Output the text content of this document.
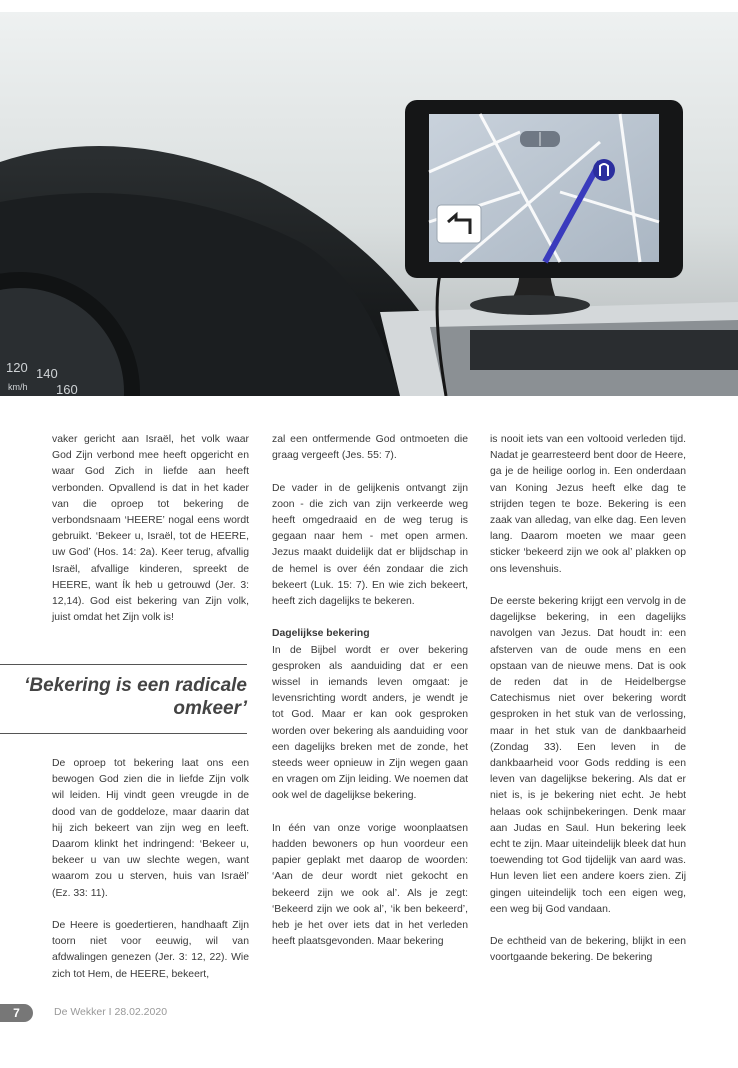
120 140
160
km/h

vaker gericht aan Israël, het volk waar God Zijn verbond mee heeft opgericht en waar God Zich in liefde aan heeft verbonden. Opvallend is dat in het kader van die oproep tot bekering de verbondsnaam ‘HEERE’ nogal eens wordt gebruikt. ‘Bekeer u, Israël, tot de HEERE, uw God’ (Hos. 14: 2a). Keer terug, afvallig Israël, afvallige kinderen, spreekt de HEERE, want Ík heb u getrouwd (Jer. 3: 12,14). God eist bekering van Zijn volk, juist omdat het Zijn volk is!

‘Bekering is een radicale omkeer’

De oproep tot bekering laat ons een bewogen God zien die in liefde Zijn volk wil leiden. Hij vindt geen vreugde in de dood van de goddeloze, maar daarin dat hij zich bekeert van zijn weg en leeft. Daarom klinkt het indringend: ‘Bekeer u, bekeer u van uw slechte wegen, want waarom zou u sterven, huis van Israël’ (Ez. 33: 11).

De Heere is goedertieren, handhaaft Zijn toorn niet voor eeuwig, wil van afdwalingen genezen (Jer. 3: 12, 22). Wie zich tot Hem, de HEERE, bekeert,

zal een ontfermende God ontmoeten die graag vergeeft (Jes. 55: 7).

De vader in de gelijkenis ontvangt zijn zoon - die zich van zijn verkeerde weg heeft omgedraaid en de weg terug is gegaan naar hem - met open armen. Jezus maakt duidelijk dat er blijdschap in de hemel is over één zondaar die zich bekeert (Luk. 15: 7). En wie zich bekeert, heeft zich dagelijks te bekeren.

Dagelijkse bekering

In de Bijbel wordt er over bekering gesproken als aanduiding dat er een wissel in iemands leven omgaat: je levensrichting wordt anders, je wendt je tot God. Maar er kan ook gesproken worden over bekering als aanduiding voor een dagelijks breken met de zonde, het steeds weer opnieuw in Zijn wegen gaan en vragen om Zijn leiding. We noemen dat ook wel de dagelijkse bekering.

In één van onze vorige woonplaatsen hadden bewoners op hun voordeur een papier geplakt met daarop de woorden: ‘Aan de deur wordt niet gekocht en bekeerd zijn we ook al’. Als je zegt: ‘Bekeerd zijn we ook al’, ‘ik ben bekeerd’, heb je het over iets dat in het verleden heeft plaatsgevonden. Maar bekering

is nooit iets van een voltooid verleden tijd. Nadat je gearresteerd bent door de Heere, ga je de heilige oorlog in. Een onderdaan van Koning Jezus heeft elke dag te strijden tegen te boze. Bekering is een zaak van alledag, van elke dag. Een leven lang. Daarom moeten we maar geen sticker ‘bekeerd zijn we ook al’ plakken op ons levenshuis.

De eerste bekering krijgt een vervolg in de dagelijkse bekering, in een dagelijks navolgen van Jezus. Dat houdt in: een afsterven van de oude mens en een opstaan van de nieuwe mens. Dat is ook de reden dat in de Heidelbergse Catechismus niet over bekering wordt gesproken in het stuk van de verlossing, maar in het stuk van de dankbaarheid (Zondag 33). Een leven in de dankbaarheid voor Gods redding is een leven van dagelijkse bekering. Als dat er niet is, is je bekering niet echt. Je hebt helaas ook schijnbekeringen. Denk maar aan Judas en Saul. Hun bekering leek echt te zijn. Maar uiteindelijk bleek dat hun toewending tot God tijdelijk van aard was. Hun leven liet een andere koers zien. Zij gingen uiteindelijk toch een eigen weg, een weg bij God vandaan.

De echtheid van de bekering, blijkt in een voortgaande bekering. De bekering

7	De Wekker I 28.02.2020
